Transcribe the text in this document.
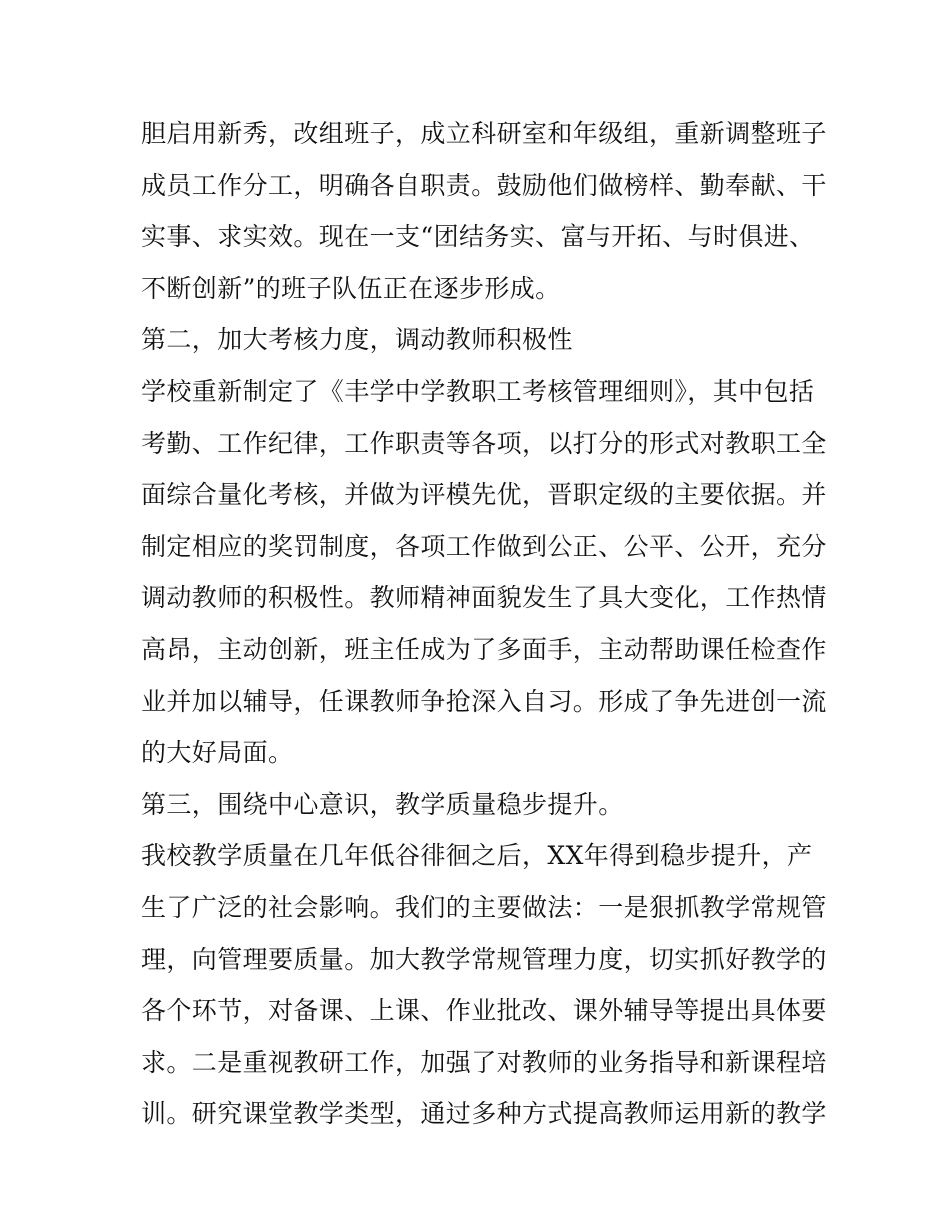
胆启用新秀，改组班子，成立科研室和年级组，重新调整班子
成员工作分工，明确各自职责。鼓励他们做榜样、勤奉献、干
实事、求实效。现在一支“团结务实、富与开拓、与时俱进、
不断创新”的班子队伍正在逐步形成。
第二，加大考核力度，调动教师积极性
学校重新制定了《丰学中学教职工考核管理细则》，其中包括
考勤、工作纪律，工作职责等各项，以打分的形式对教职工全
面综合量化考核，并做为评模先优，晋职定级的主要依据。并
制定相应的奖罚制度，各项工作做到公正、公平、公开，充分
调动教师的积极性。教师精神面貌发生了具大变化，工作热情
高昂，主动创新，班主任成为了多面手，主动帮助课任检查作
业并加以辅导，任课教师争抢深入自习。形成了争先进创一流
的大好局面。
第三，围绕中心意识，教学质量稳步提升。
我校教学质量在几年低谷徘徊之后，XX年得到稳步提升，产
生了广泛的社会影响。我们的主要做法：一是狠抓教学常规管
理，向管理要质量。加大教学常规管理力度，切实抓好教学的
各个环节，对备课、上课、作业批改、课外辅导等提出具体要
求。二是重视教研工作，加强了对教师的业务指导和新课程培
训。研究课堂教学类型，通过多种方式提高教师运用新的教学
